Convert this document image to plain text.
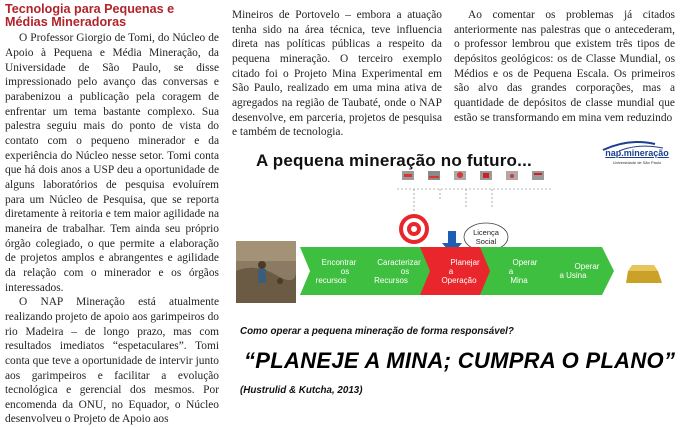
Tecnologia para Pequenas e
Médias Mineradoras

O Professor Giorgio de Tomi, do Núcleo de Apoio à Pequena e Média Mineração, da Universidade de São Paulo, se disse impressionado pelo avanço das conversas e parabenizou a publicação pela coragem de enfrentar um tema bastante complexo. Sua palestra seguiu mais do ponto de vista do contato com o pequeno minerador e da experiência do Núcleo nesse setor. Tomi conta que há dois anos a USP deu a oportunidade de alguns laboratórios de pesquisa evoluírem para um Núcleo de Pesquisa, que se reporta diretamente à reitoria e tem maior agilidade na maneira de trabalhar. Tem ainda seu próprio órgão colegiado, o que permite a elaboração de projetos amplos e abrangentes e agilidade da relação com o minerador e os órgãos interessados.

O NAP Mineração está atualmente realizando projeto de apoio aos garimpeiros do rio Madeira – de longo prazo, mas com resultados imediatos “espetaculares”. Tomi conta que teve a oportunidade de intervir junto aos garimpeiros e facilitar a evolução tecnológica e gerencial dos mesmos. Por encomenda da ONU, no Equador, o Núcleo desenvolveu o Projeto de Apoio aos

Mineiros de Portovelo – embora a atuação tenha sido na área técnica, teve influencia direta nas políticas públicas a respeito da pequena mineração. O terceiro exemplo citado foi o Projeto Mina Experimental em São Paulo, realizado em uma mina ativa de agregados na região de Taubaté, onde o NAP desenvolve, em parceria, projetos de pesquisa e também de tecnologia.

Ao comentar os problemas já citados anteriormente nas palestras que o antecederam, o professor lembrou que existem três tipos de depósitos geológicos: os de Classe Mundial, os Médios e os de Pequena Escala. Os primeiros são alvo das grandes corporações, mas a quantidade de depósitos de classe mundial que estão se transformando em mina vem reduzindo

A pequena mineração no futuro...	nap.mineração
Universidade de São Paulo
Licença
Social
Encontrar
os recursos
Caracterizar
os Recursos
Planejar a
Operação
Operar a
Mina
Operar a Usina
Como operar a pequena mineração de forma responsável?
“PLANEJE A MINA; CUMPRA O PLANO”
(Hustrulid & Kutcha, 2013)
